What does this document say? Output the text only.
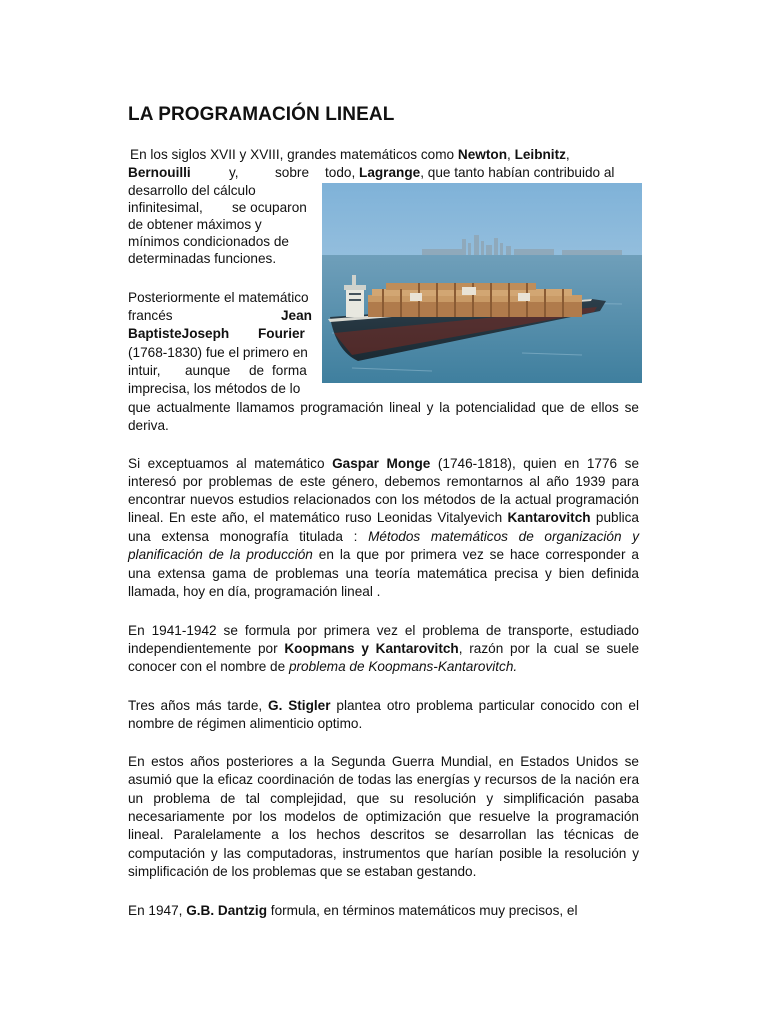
LA PROGRAMACIÓN LINEAL
En los siglos XVII y XVIII, grandes matemáticos como Newton, Leibnitz,
Bernouilli	y,	sobre todo, Lagrange, que tanto habían contribuido al
desarrollo del cálculo
infinitesimal, se ocuparon
de obtener máximos y
mínimos condicionados de
determinadas funciones.
Posteriormente el matemático
francés	Jean
BaptisteJoseph Fourier
(1768-1830) fue el primero en
intuir, aunque de forma
imprecisa, los métodos de lo
que actualmente llamamos programación lineal y la potencialidad que de ellos se
deriva.
Si exceptuamos al matemático Gaspar Monge (1746-1818), quien en 1776 se
interesó por problemas de este género, debemos remontarnos al año 1939 para
encontrar nuevos estudios relacionados con los métodos de la actual programación
lineal. En este año, el matemático ruso Leonidas Vitalyevich Kantarovitch publica
una extensa monografía titulada : Métodos matemáticos de organización y
planificación de la producción en la que por primera vez se hace corresponder a
una extensa gama de problemas una teoría matemática precisa y bien definida
llamada, hoy en día, programación lineal .
En 1941-1942 se formula por primera vez el problema de transporte, estudiado
independientemente por Koopmans y Kantarovitch, razón por la cual se suele
conocer con el nombre de problema de Koopmans-Kantarovitch.
Tres años más tarde, G. Stigler plantea otro problema particular conocido con el
nombre de régimen alimenticio optimo.
En estos años posteriores a la Segunda Guerra Mundial, en Estados Unidos se
asumió que la eficaz coordinación de todas las energías y recursos de la nación era
un problema de tal complejidad, que su resolución y simplificación pasaba
necesariamente por los modelos de optimización que resuelve la programación
lineal. Paralelamente a los hechos descritos se desarrollan las técnicas de
computación y las computadoras, instrumentos que harían posible la resolución y
simplificación de los problemas que se estaban gestando.
En 1947, G.B. Dantzig formula, en términos matemáticos muy precisos, el
